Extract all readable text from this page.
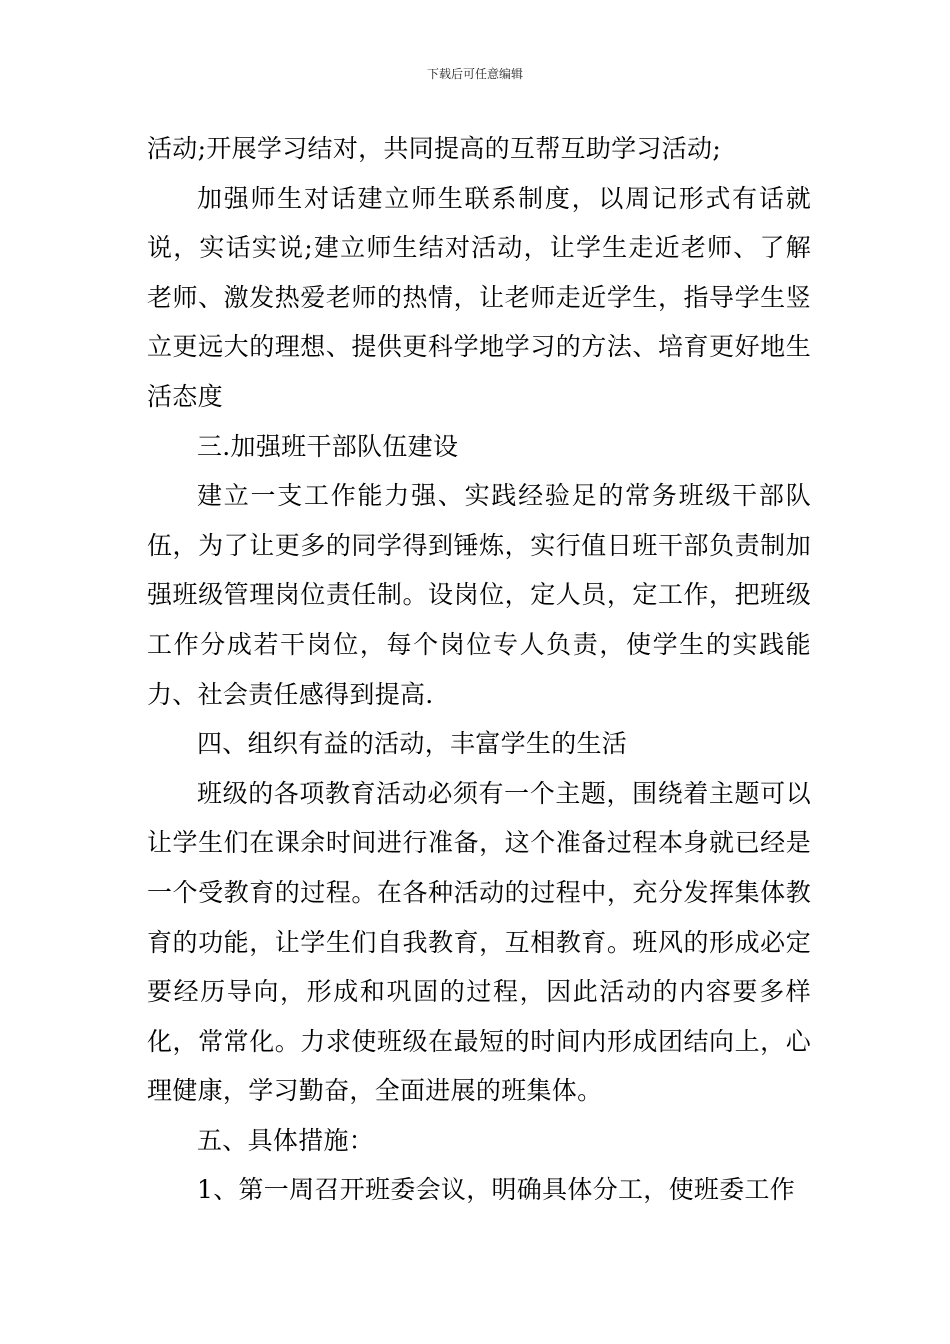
下载后可任意编辑

活动;开展学习结对，共同提高的互帮互助学习活动;

加强师生对话建立师生联系制度，以周记形式有话就说，实话实说;建立师生结对活动，让学生走近老师、了解老师、激发热爱老师的热情，让老师走近学生，指导学生竖立更远大的理想、提供更科学地学习的方法、培育更好地生活态度

三.加强班干部队伍建设

建立一支工作能力强、实践经验足的常务班级干部队伍，为了让更多的同学得到锤炼，实行值日班干部负责制加强班级管理岗位责任制。设岗位，定人员，定工作，把班级工作分成若干岗位，每个岗位专人负责，使学生的实践能力、社会责任感得到提高.

四、组织有益的活动，丰富学生的生活

班级的各项教育活动必须有一个主题，围绕着主题可以让学生们在课余时间进行准备，这个准备过程本身就已经是一个受教育的过程。在各种活动的过程中，充分发挥集体教育的功能，让学生们自我教育，互相教育。班风的形成必定要经历导向，形成和巩固的过程，因此活动的内容要多样化，常常化。力求使班级在最短的时间内形成团结向上，心理健康，学习勤奋，全面进展的班集体。

五、具体措施：

1、第一周召开班委会议，明确具体分工，使班委工作
